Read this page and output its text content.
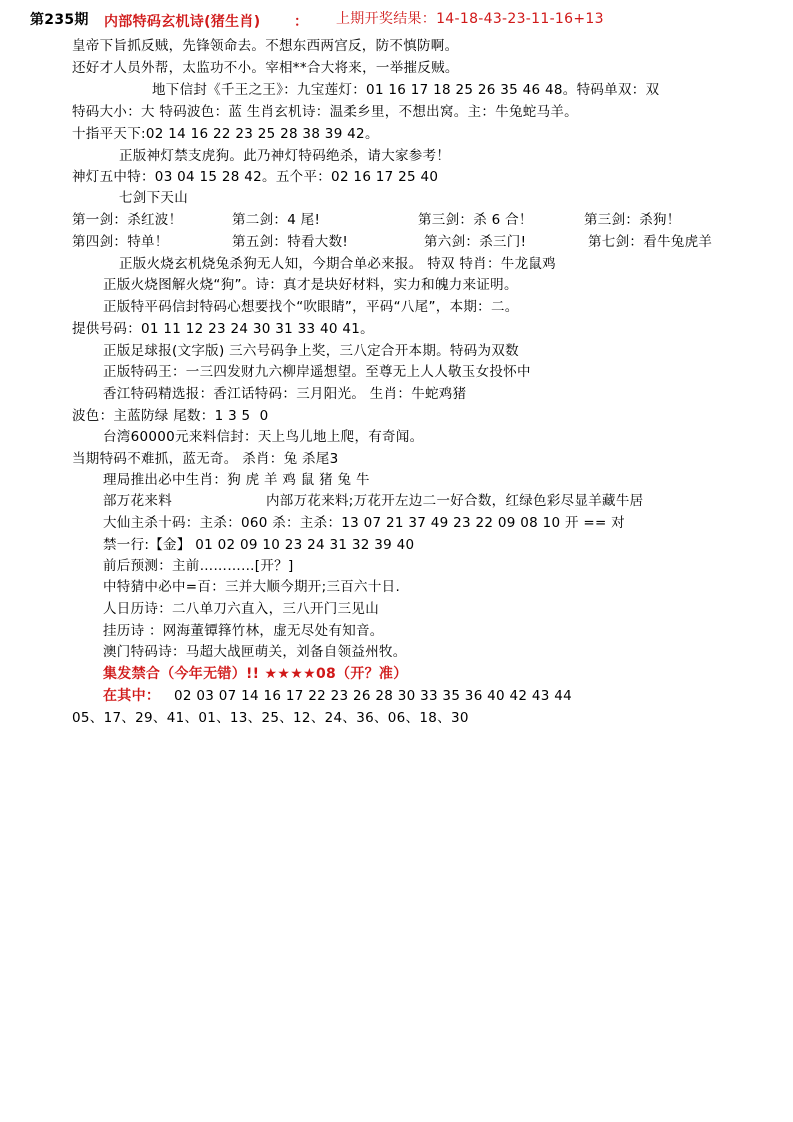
第235期 内部特码玄机诗(猪生肖) ： 上期开奖结果：14-18-43-23-11-16+13
皇帝下旨抓反贼，先锋领命去。不想东西两宫反，防不慎防啊。
还好才人员外帮，太监功不小。宰相**合大将来，一举摧反贼。
地下信封《千王之王》：九宝莲灯：01 16 17 18 25 26 35 46 48。特码单双：双
特码大小：大 特码波色：蓝 生肖玄机诗：温柔乡里，不想出窝。主：牛兔蛇马羊。
十指平天下:02 14 16 22 23 25 28 38 39 42。
正版神灯禁支虎狗。此乃神灯特码绝杀，请大家参考！
神灯五中特：03 04 15 28 42。五个平：02 16 17 25 40
七剑下天山
第一剑：杀红波！	第二剑：4 尾!	第三剑：杀 6 合！	第三剑：杀狗！
第四剑：特单！	第五剑：特看大数!	第六剑：杀三门!	第七剑：看牛兔虎羊
正版火烧玄机烧兔杀狗无人知，今期合单必来报。 特双 特肖：牛龙鼠鸡
正版火烧图解火烧“狗”。诗：真才是块好材料，实力和魄力来证明。
正版特平码信封特码心想要找个“吹眼睛”，平码“八尾”，本期：二。
提供号码：01 11 12 23 24 30 31 33 40 41。
正版足球报(文字版) 三六号码争上奖，三八定合开本期。特码为双数
正版特码王：一三四发财九六柳岸遥想望。至尊无上人人敬玉女投怀中
香江特码精选报：香江话特码：三月阳光。 生肖：牛蛇鸡猪
波色：主蓝防绿 尾数：1 3 5  0
台湾60000元来料信封：天上鸟儿地上爬，有奇闻。
当期特码不难抓，蓝无奇。 杀肖：兔 杀尾3
理局推出必中生肖：狗 虎 羊 鸡 鼠 猪 兔 牛
部万花来料	内部万花来料;万花开左边二一好合数，红绿色彩尽显羊藏牛居
大仙主杀十码：主杀：060 杀：主杀：13 07 21 37 49 23 22 09 08 10 开 == 对
禁一行:【金】 01 02 09 10 23 24 31 32 39 40
前后预测：主前…………[开？]
中特猜中必中=百：三并大顺今期开;三百六十日.
人日历诗：二八单刀六直入，三八开门三见山
挂历诗 ：网海董镡箨竹林，虚无尽处有知音。
澳门特码诗：马超大战匣萌关，刘备自领益州牧。
集发禁合（今年无错）!! ★★★★08（开？准）
在其中： 02 03 07 14 16 17 22 23 26 28 30 33 35 36 40 42 43 44
05、17、29、41、01、13、25、12、24、36、06、18、30
